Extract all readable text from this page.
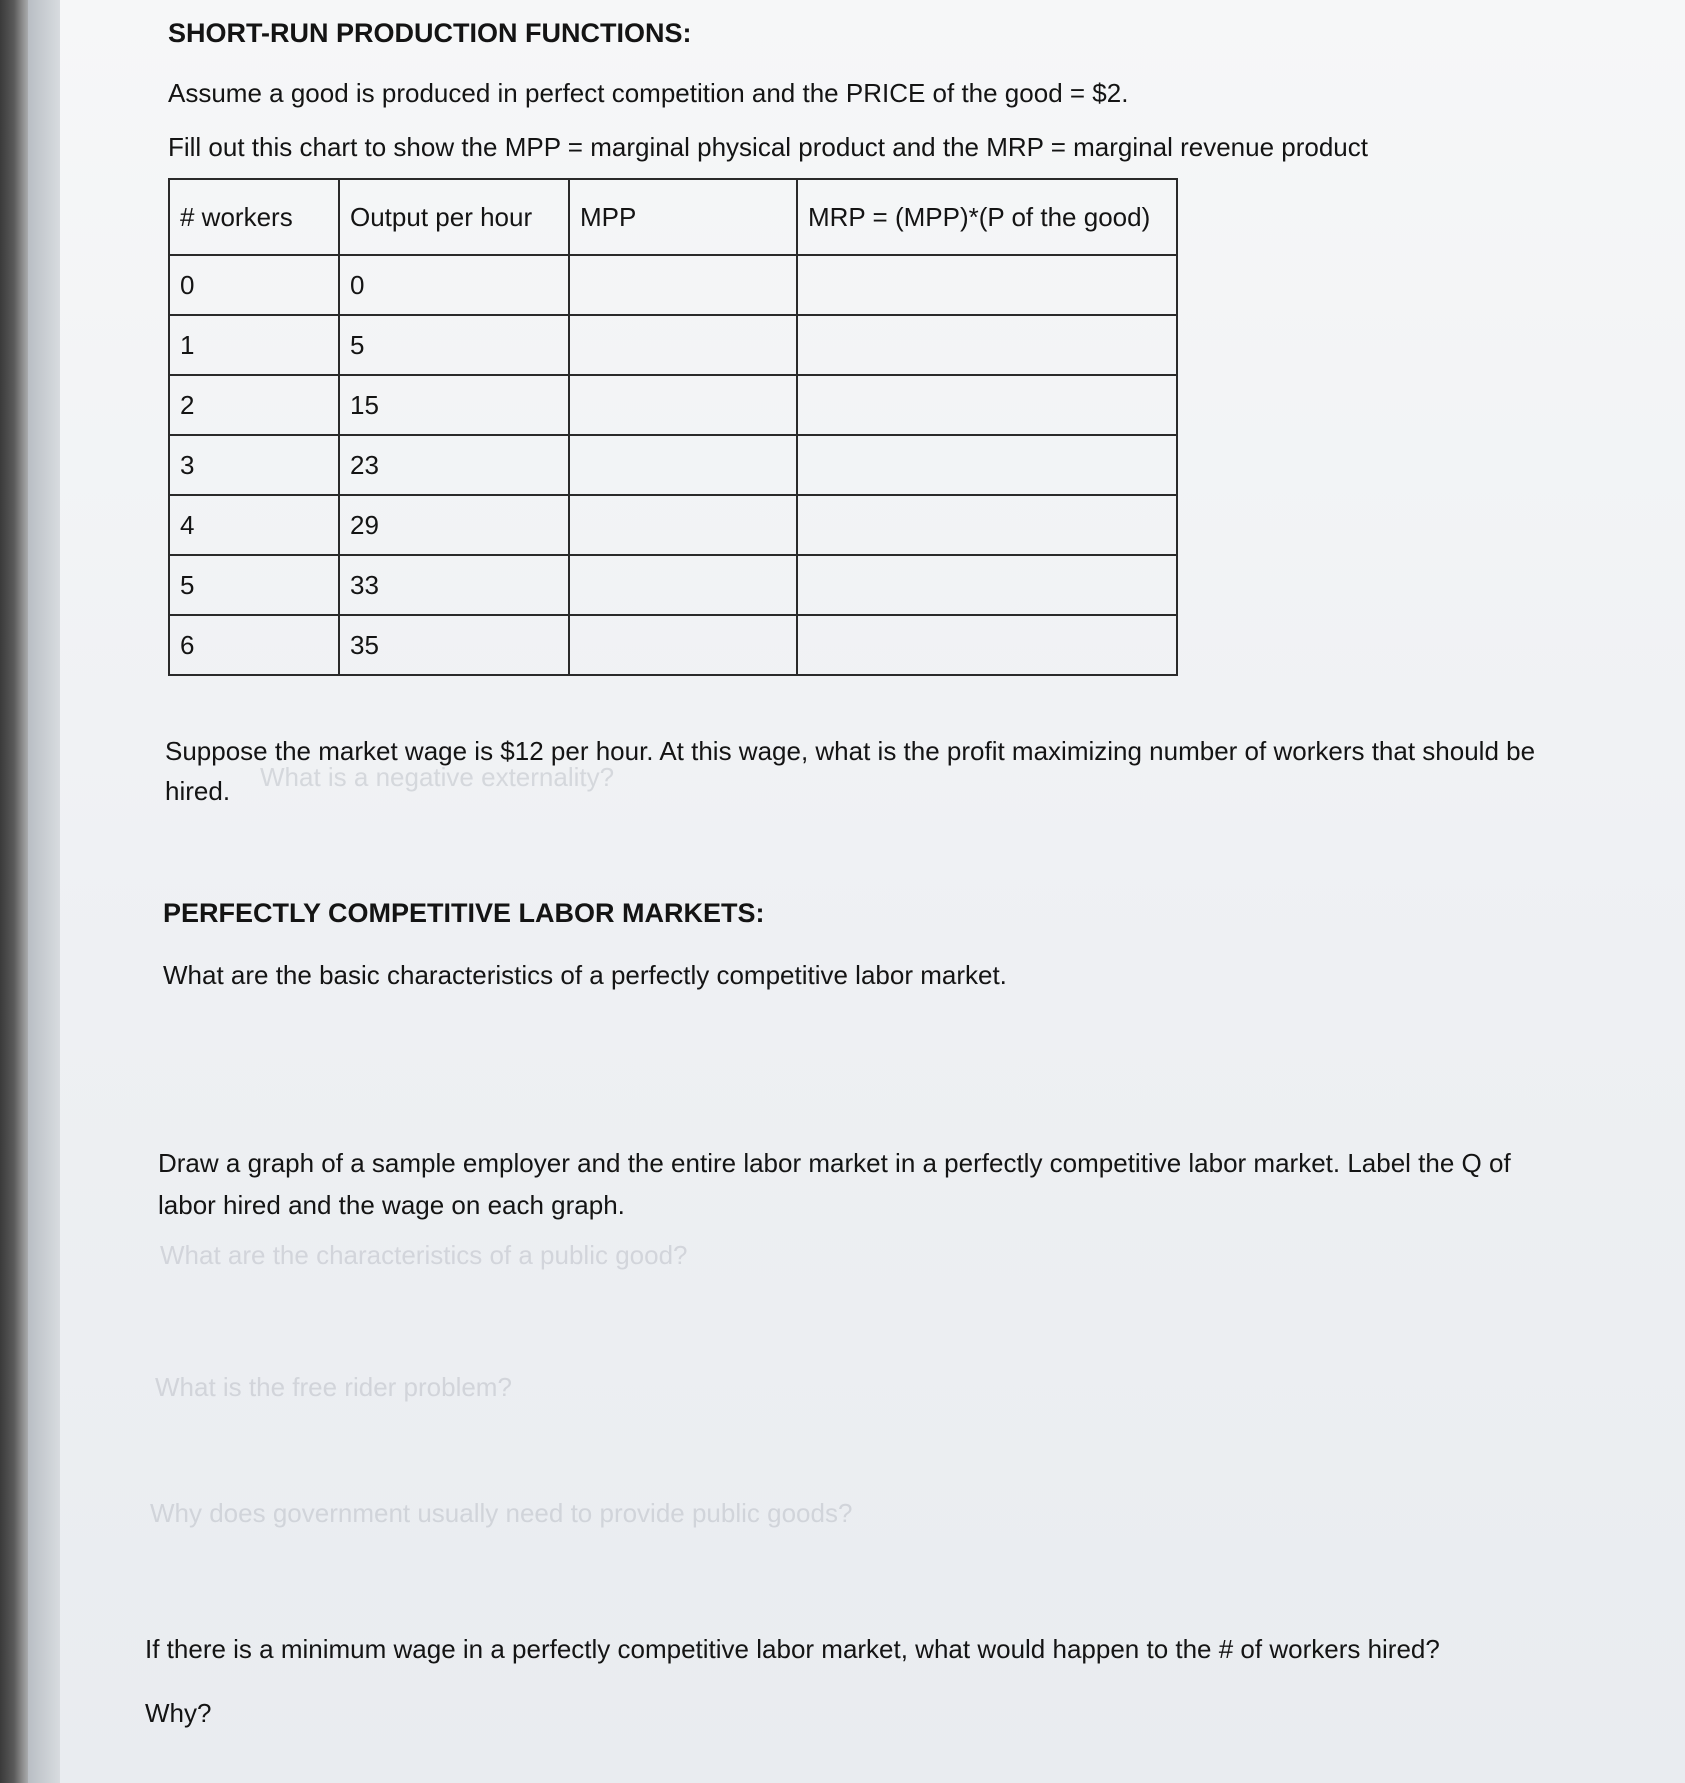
What is a negative externality?
What are the characteristics of a public good?
What is the free rider problem?
Why does government usually need to provide public goods?
SHORT-RUN PRODUCTION FUNCTIONS:
Assume a good is produced in perfect competition and the PRICE of the good = $2.
Fill out this chart to show the MPP = marginal physical product and the MRP = marginal revenue product
# workers	Output per hour	MPP	MRP = (MPP)*(P of the good)
0	0		
1	5		
2	15		
3	23		
4	29		
5	33		
6	35		
Suppose the market wage is $12 per hour. At this wage, what is the profit maximizing number of workers that should be
hired.
PERFECTLY COMPETITIVE LABOR MARKETS:
What are the basic characteristics of a perfectly competitive labor market.
Draw a graph of a sample employer and the entire labor market in a perfectly competitive labor market. Label the Q of
labor hired and the wage on each graph.
If there is a minimum wage in a perfectly competitive labor market, what would happen to the # of workers hired?
Why?
